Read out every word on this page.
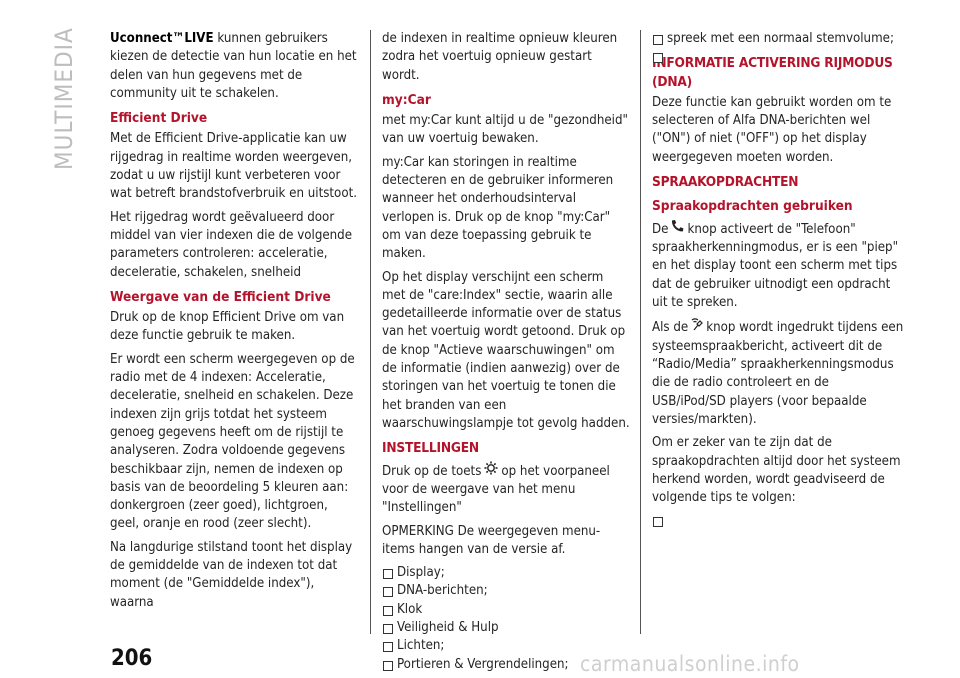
MULTIMEDIA Uconnect™LIVE kunnen gebruikers kiezen de detectie van hun locatie en het delen van hun gegevens met de community uit te schakelen.

Efficient Drive

Met de Efficient Drive-applicatie kan uw rijgedrag in realtime worden weergeven, zodat u uw rijstijl kunt verbeteren voor wat betreft brandstofverbruik en uitstoot.

Het rijgedrag wordt geëvalueerd door middel van vier indexen die de volgende parameters controleren: acceleratie, deceleratie, schakelen, snelheid

Weergave van de Efficient Drive

Druk op de knop Efficient Drive om van deze functie gebruik te maken.

Er wordt een scherm weergegeven op de radio met de 4 indexen: Acceleratie, deceleratie, snelheid en schakelen. Deze indexen zijn grijs totdat het systeem genoeg gegevens heeft om de rijstijl te analyseren. Zodra voldoende gegevens beschikbaar zijn, nemen de indexen op basis van de beoordeling 5 kleuren aan: donkergroen (zeer goed), lichtgroen, geel, oranje en rood (zeer slecht).

Na langdurige stilstand toont het display de gemiddelde van de indexen tot dat moment (de "Gemiddelde index"), waarna

de indexen in realtime opnieuw kleuren zodra het voertuig opnieuw gestart wordt.

my:Car

met my:Car kunt altijd u de "gezondheid" van uw voertuig bewaken.

my:Car kan storingen in realtime detecteren en de gebruiker informeren wanneer het onderhoudsinterval verlopen is. Druk op de knop "my:Car" om van deze toepassing gebruik te maken.

Op het display verschijnt een scherm met de "care:Index" sectie, waarin alle gedetailleerde informatie over de status van het voertuig wordt getoond. Druk op de knop "Actieve waarschuwingen" om de informatie (indien aanwezig) over de storingen van het voertuig te tonen die het branden van een waarschuwingslampje tot gevolg hadden.

INSTELLINGEN

Druk op de toets op het voorpaneel voor de weergave van het menu "Instellingen"

OPMERKING De weergegeven menu-items hangen van de versie af.

Display;
DNA-berichten;
Klok
Veiligheid & Hulp
Lichten;
Portieren & Vergrendelingen;
spreek met een normaal stemvolume;
INFORMATIE ACTIVERING RIJMODUS (DNA)

Deze functie kan gebruikt worden om te selecteren of Alfa DNA-berichten wel ("ON") of niet ("OFF") op het display weergegeven moeten worden.

SPRAAKOPDRACHTEN
Spraakopdrachten gebruiken

De knop activeert de "Telefoon" spraakherkenningmodus, er is een "piep" en het display toont een scherm met tips dat de gebruiker uitnodigt een opdracht uit te spreken.

Als de knop wordt ingedrukt tijdens een systeemspraakbericht, activeert dit de “Radio/Media” spraakherkenningsmodus die de radio controleert en de USB/iPod/SD players (voor bepaalde versies/markten).

Om er zeker van te zijn dat de spraakopdrachten altijd door het systeem herkend worden, wordt geadviseerd de volgende tips te volgen:

206	carmanualsonline.info
